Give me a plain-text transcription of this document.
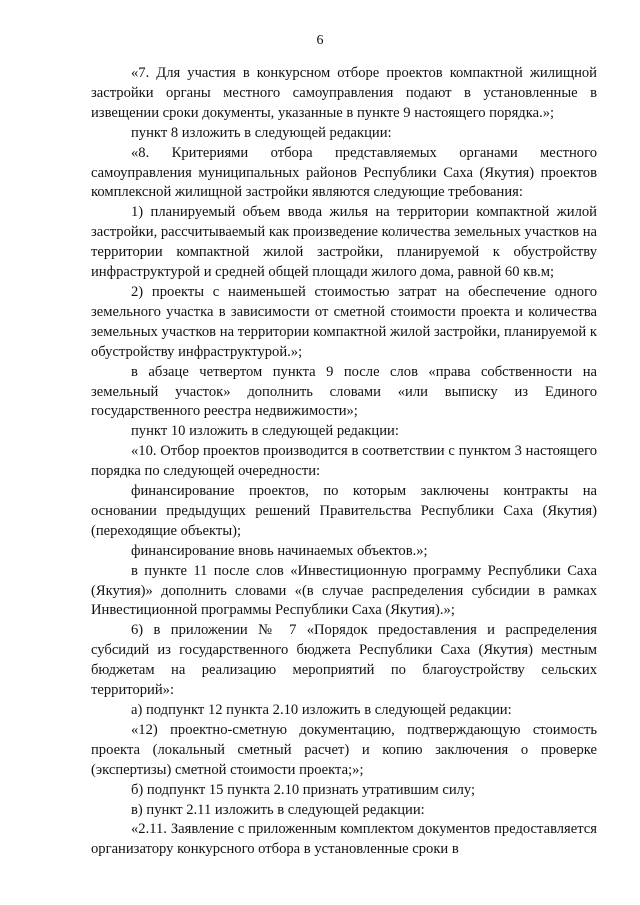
6

«7. Для участия в конкурсном отборе проектов компактной жилищной застройки органы местного самоуправления подают в установленные в извещении сроки документы, указанные в пункте 9 настоящего порядка.»;

пункт 8 изложить в следующей редакции:

«8. Критериями отбора представляемых органами местного самоуправления муниципальных районов Республики Саха (Якутия) проектов комплексной жилищной застройки являются следующие требования:

1) планируемый объем ввода жилья на территории компактной жилой застройки, рассчитываемый как произведение количества земельных участков на территории компактной жилой застройки, планируемой к обустройству инфраструктурой и средней общей площади жилого дома, равной 60 кв.м;

2) проекты с наименьшей стоимостью затрат на обеспечение одного земельного участка в зависимости от сметной стоимости проекта и количества земельных участков на территории компактной жилой застройки, планируемой к обустройству инфраструктурой.»;

в абзаце четвертом пункта 9 после слов «права собственности на земельный участок» дополнить словами «или выписку из Единого государственного реестра недвижимости»;

пункт 10 изложить в следующей редакции:

«10. Отбор проектов производится в соответствии с пунктом 3 настоящего порядка по следующей очередности:

финансирование проектов, по которым заключены контракты на основании предыдущих решений Правительства Республики Саха (Якутия) (переходящие объекты);

финансирование вновь начинаемых объектов.»;

в пункте 11 после слов «Инвестиционную программу Республики Саха (Якутия)» дополнить словами «(в случае распределения субсидии в рамках Инвестиционной программы Республики Саха (Якутия).»;

6) в приложении № 7 «Порядок предоставления и распределения субсидий из государственного бюджета Республики Саха (Якутия) местным бюджетам на реализацию мероприятий по благоустройству сельских территорий»:

а) подпункт 12 пункта 2.10 изложить в следующей редакции:

«12) проектно-сметную документацию, подтверждающую стоимость проекта (локальный сметный расчет) и копию заключения о проверке (экспертизы) сметной стоимости проекта;»;

б) подпункт 15 пункта 2.10 признать утратившим силу;

в) пункт 2.11 изложить в следующей редакции:

«2.11. Заявление с приложенным комплектом документов предоставляется организатору конкурсного отбора в установленные сроки в
